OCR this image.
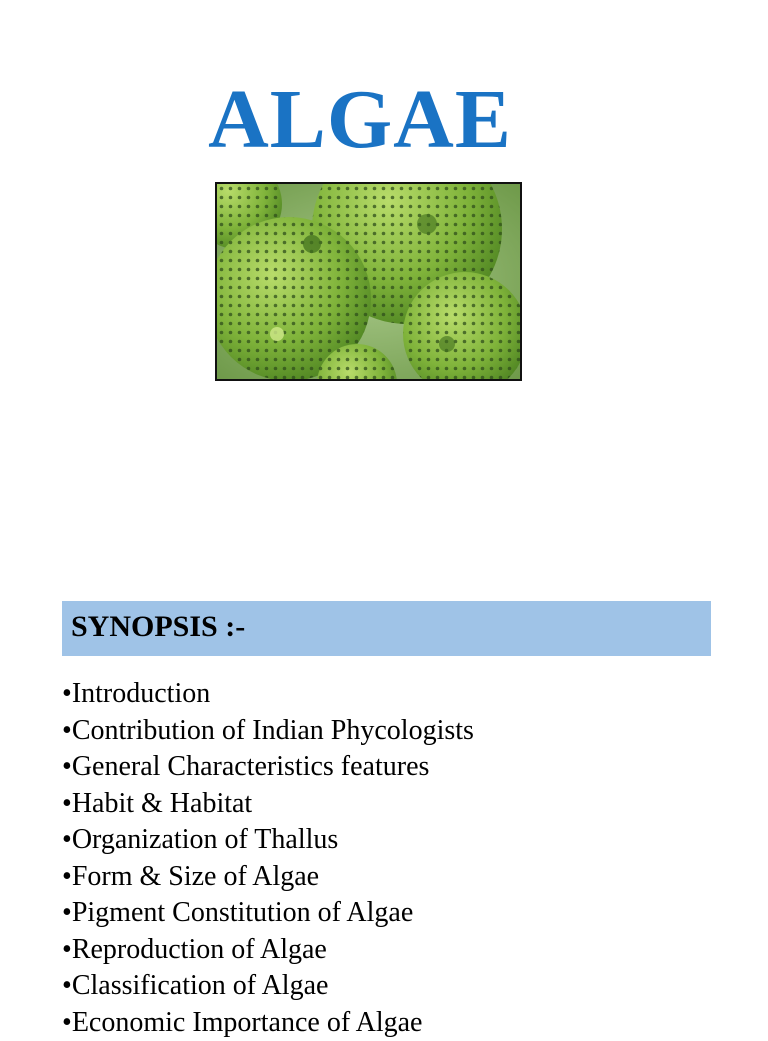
ALGAE
SYNOPSIS :-
•Introduction
•Contribution of Indian Phycologists
•General Characteristics features
•Habit & Habitat
•Organization of Thallus
•Form & Size of Algae
•Pigment Constitution of Algae
•Reproduction of Algae
•Classification of Algae
•Economic Importance of Algae
